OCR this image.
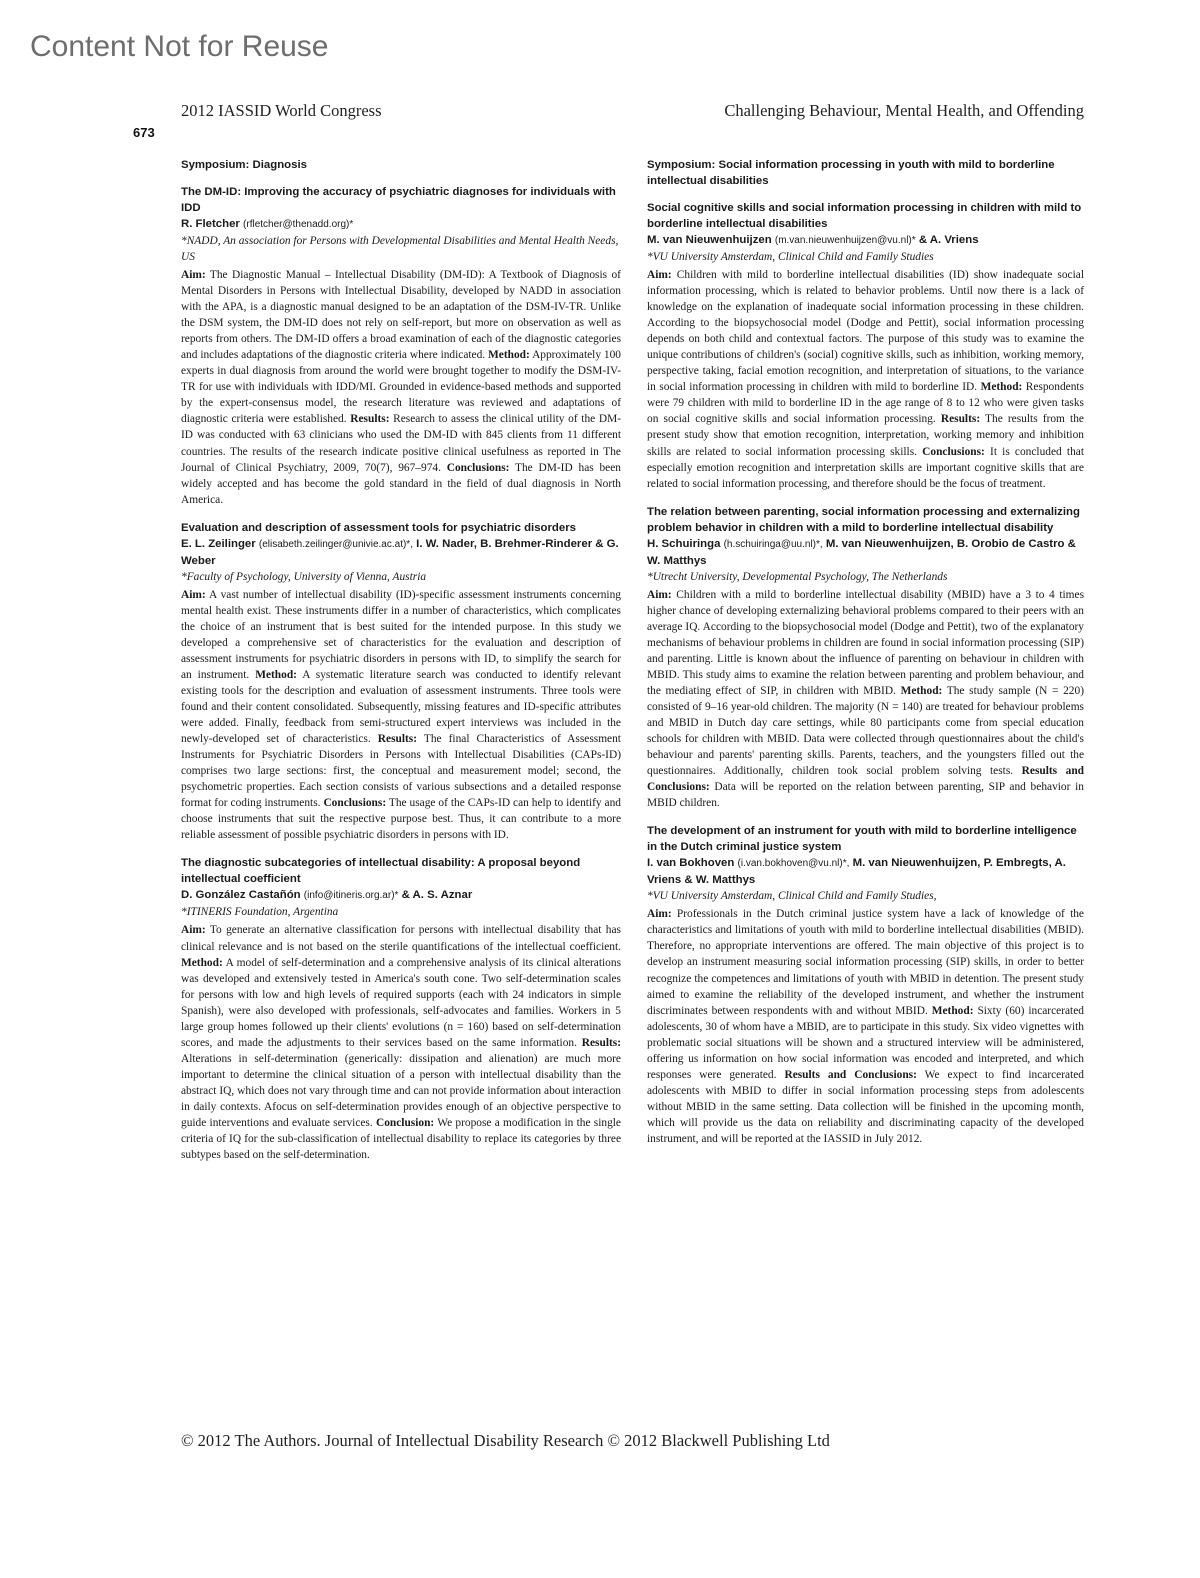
Content Not for Reuse
2012 IASSID World Congress	Challenging Behaviour, Mental Health, and Offending
673

Symposium: Diagnosis

The DM-ID: Improving the accuracy of psychiatric diagnoses for individuals with IDD

R. Fletcher (rfletcher@thenadd.org)*

*NADD, An association for Persons with Developmental Disabilities and Mental Health Needs, US

Aim: The Diagnostic Manual – Intellectual Disability (DM-ID): A Textbook of Diagnosis of Mental Disorders in Persons with Intellectual Disability, developed by NADD in association with the APA, is a diagnostic manual designed to be an adaptation of the DSM-IV-TR. Unlike the DSM system, the DM-ID does not rely on self-report, but more on observation as well as reports from others. The DM-ID offers a broad examination of each of the diagnostic categories and includes adaptations of the diagnostic criteria where indicated. Method: Approximately 100 experts in dual diagnosis from around the world were brought together to modify the DSM-IV-TR for use with individuals with IDD/MI. Grounded in evidence-based methods and supported by the expert-consensus model, the research literature was reviewed and adaptations of diagnostic criteria were established. Results: Research to assess the clinical utility of the DM-ID was conducted with 63 clinicians who used the DM-ID with 845 clients from 11 different countries. The results of the research indicate positive clinical usefulness as reported in The Journal of Clinical Psychiatry, 2009, 70(7), 967–974. Conclusions: The DM-ID has been widely accepted and has become the gold standard in the field of dual diagnosis in North America.

Evaluation and description of assessment tools for psychiatric disorders

E. L. Zeilinger (elisabeth.zeilinger@univie.ac.at)*, I. W. Nader, B. Brehmer-Rinderer & G. Weber

*Faculty of Psychology, University of Vienna, Austria

Aim: A vast number of intellectual disability (ID)-specific assessment instruments concerning mental health exist. These instruments differ in a number of characteristics, which complicates the choice of an instrument that is best suited for the intended purpose. In this study we developed a comprehensive set of characteristics for the evaluation and description of assessment instruments for psychiatric disorders in persons with ID, to simplify the search for an instrument. Method: A systematic literature search was conducted to identify relevant existing tools for the description and evaluation of assessment instruments. Three tools were found and their content consolidated. Subsequently, missing features and ID-specific attributes were added. Finally, feedback from semi-structured expert interviews was included in the newly-developed set of characteristics. Results: The final Characteristics of Assessment Instruments for Psychiatric Disorders in Persons with Intellectual Disabilities (CAPs-ID) comprises two large sections: first, the conceptual and measurement model; second, the psychometric properties. Each section consists of various subsections and a detailed response format for coding instruments. Conclusions: The usage of the CAPs-ID can help to identify and choose instruments that suit the respective purpose best. Thus, it can contribute to a more reliable assessment of possible psychiatric disorders in persons with ID.

The diagnostic subcategories of intellectual disability: A proposal beyond intellectual coefficient

D. González Castañón (info@itineris.org.ar)* & A. S. Aznar

*ITINERIS Foundation, Argentina

Aim: To generate an alternative classification for persons with intellectual disability that has clinical relevance and is not based on the sterile quantifications of the intellectual coefficient. Method: A model of self-determination and a comprehensive analysis of its clinical alterations was developed and extensively tested in America's south cone. Two self-determination scales for persons with low and high levels of required supports (each with 24 indicators in simple Spanish), were also developed with professionals, self-advocates and families. Workers in 5 large group homes followed up their clients' evolutions (n = 160) based on self-determination scores, and made the adjustments to their services based on the same information. Results: Alterations in self-determination (generically: dissipation and alienation) are much more important to determine the clinical situation of a person with intellectual disability than the abstract IQ, which does not vary through time and can not provide information about interaction in daily contexts. Afocus on self-determination provides enough of an objective perspective to guide interventions and evaluate services. Conclusion: We propose a modification in the single criteria of IQ for the sub-classification of intellectual disability to replace its categories by three subtypes based on the self-determination.

Symposium: Social information processing in youth with mild to borderline intellectual disabilities

Social cognitive skills and social information processing in children with mild to borderline intellectual disabilities

M. van Nieuwenhuijzen (m.van.nieuwenhuijzen@vu.nl)* & A. Vriens

*VU University Amsterdam, Clinical Child and Family Studies

Aim: Children with mild to borderline intellectual disabilities (ID) show inadequate social information processing, which is related to behavior problems. Until now there is a lack of knowledge on the explanation of inadequate social information processing in these children. According to the biopsychosocial model (Dodge and Pettit), social information processing depends on both child and contextual factors. The purpose of this study was to examine the unique contributions of children's (social) cognitive skills, such as inhibition, working memory, perspective taking, facial emotion recognition, and interpretation of situations, to the variance in social information processing in children with mild to borderline ID. Method: Respondents were 79 children with mild to borderline ID in the age range of 8 to 12 who were given tasks on social cognitive skills and social information processing. Results: The results from the present study show that emotion recognition, interpretation, working memory and inhibition skills are related to social information processing skills. Conclusions: It is concluded that especially emotion recognition and interpretation skills are important cognitive skills that are related to social information processing, and therefore should be the focus of treatment.

The relation between parenting, social information processing and externalizing problem behavior in children with a mild to borderline intellectual disability

H. Schuiringa (h.schuiringa@uu.nl)*, M. van Nieuwenhuijzen, B. Orobio de Castro & W. Matthys

*Utrecht University, Developmental Psychology, The Netherlands

Aim: Children with a mild to borderline intellectual disability (MBID) have a 3 to 4 times higher chance of developing externalizing behavioral problems compared to their peers with an average IQ. According to the biopsychosocial model (Dodge and Pettit), two of the explanatory mechanisms of behaviour problems in children are found in social information processing (SIP) and parenting. Little is known about the influence of parenting on behaviour in children with MBID. This study aims to examine the relation between parenting and problem behaviour, and the mediating effect of SIP, in children with MBID. Method: The study sample (N = 220) consisted of 9–16 year-old children. The majority (N = 140) are treated for behaviour problems and MBID in Dutch day care settings, while 80 participants come from special education schools for children with MBID. Data were collected through questionnaires about the child's behaviour and parents' parenting skills. Parents, teachers, and the youngsters filled out the questionnaires. Additionally, children took social problem solving tests. Results and Conclusions: Data will be reported on the relation between parenting, SIP and behavior in MBID children.

The development of an instrument for youth with mild to borderline intelligence in the Dutch criminal justice system

I. van Bokhoven (i.van.bokhoven@vu.nl)*, M. van Nieuwenhuijzen, P. Embregts, A. Vriens & W. Matthys

*VU University Amsterdam, Clinical Child and Family Studies,

Aim: Professionals in the Dutch criminal justice system have a lack of knowledge of the characteristics and limitations of youth with mild to borderline intellectual disabilities (MBID). Therefore, no appropriate interventions are offered. The main objective of this project is to develop an instrument measuring social information processing (SIP) skills, in order to better recognize the competences and limitations of youth with MBID in detention. The present study aimed to examine the reliability of the developed instrument, and whether the instrument discriminates between respondents with and without MBID. Method: Sixty (60) incarcerated adolescents, 30 of whom have a MBID, are to participate in this study. Six video vignettes with problematic social situations will be shown and a structured interview will be administered, offering us information on how social information was encoded and interpreted, and which responses were generated. Results and Conclusions: We expect to find incarcerated adolescents with MBID to differ in social information processing steps from adolescents without MBID in the same setting. Data collection will be finished in the upcoming month, which will provide us the data on reliability and discriminating capacity of the developed instrument, and will be reported at the IASSID in July 2012.

© 2012 The Authors. Journal of Intellectual Disability Research © 2012 Blackwell Publishing Ltd
